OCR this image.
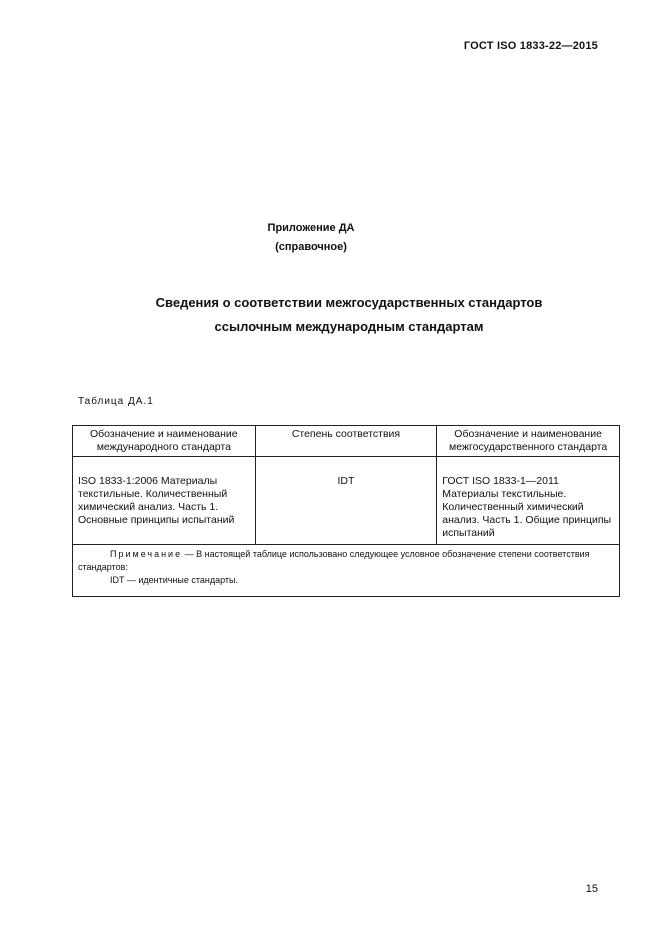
ГОСТ ISO 1833-22—2015
Приложение ДА
(справочное)
Сведения о соответствии межгосударственных стандартов
ссылочным международным стандартам
Таблица ДА.1
Обозначение и наименование международного стандарта	Степень соответствия	Обозначение и наименование межгосударственного стандарта
ISO 1833-1:2006 Материалы текстильные. Количественный химический анализ. Часть 1. Основные принципы испытаний	IDT	ГОСТ ISO 1833-1—2011 Материалы текстильные. Количественный химический анализ. Часть 1. Общие принципы испытаний

Примечание — В настоящей таблице использовано следующее условное обозначение степени соответствия стандартов:
IDT — идентичные стандарты.		
15
